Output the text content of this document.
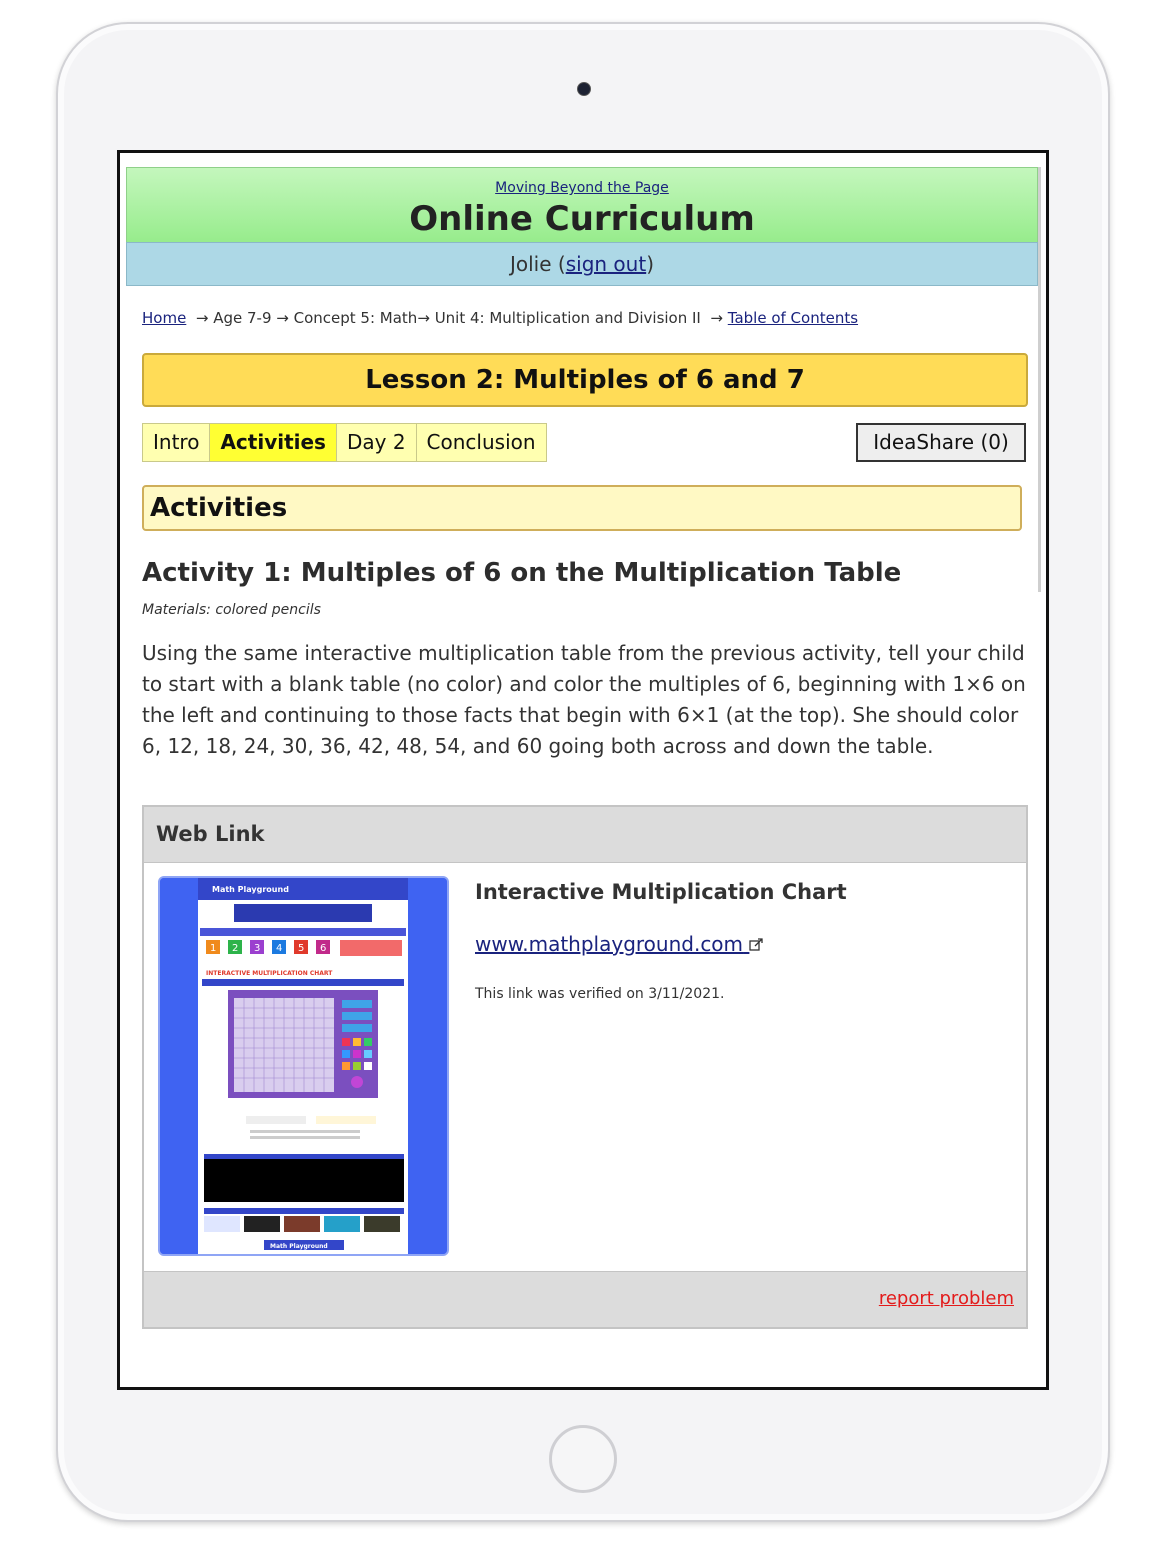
Moving Beyond the Page
Online Curriculum
Jolie (sign out)
Home → Age 7-9 → Concept 5: Math→ Unit 4: Multiplication and Division II → Table of Contents
Lesson 2: Multiples of 6 and 7
Intro	Activities	Day 2	Conclusion	IdeaShare (0)
Activities
Activity 1: Multiples of 6 on the Multiplication Table
Materials: colored pencils
Using the same interactive multiplication table from the previous activity, tell your child to start with a blank table (no color) and color the multiples of 6, beginning with 1×6 on the left and continuing to those facts that begin with 6×1 (at the top). She should color 6, 12, 18, 24, 30, 36, 42, 48, 54, and 60 going both across and down the table.
Web Link
Math Playground
1 2 3 4 5 6
INTERACTIVE MULTIPLICATION CHART
Math Playground
Interactive Multiplication Chart
www.mathplayground.com
This link was verified on 3/11/2021.
report problem
